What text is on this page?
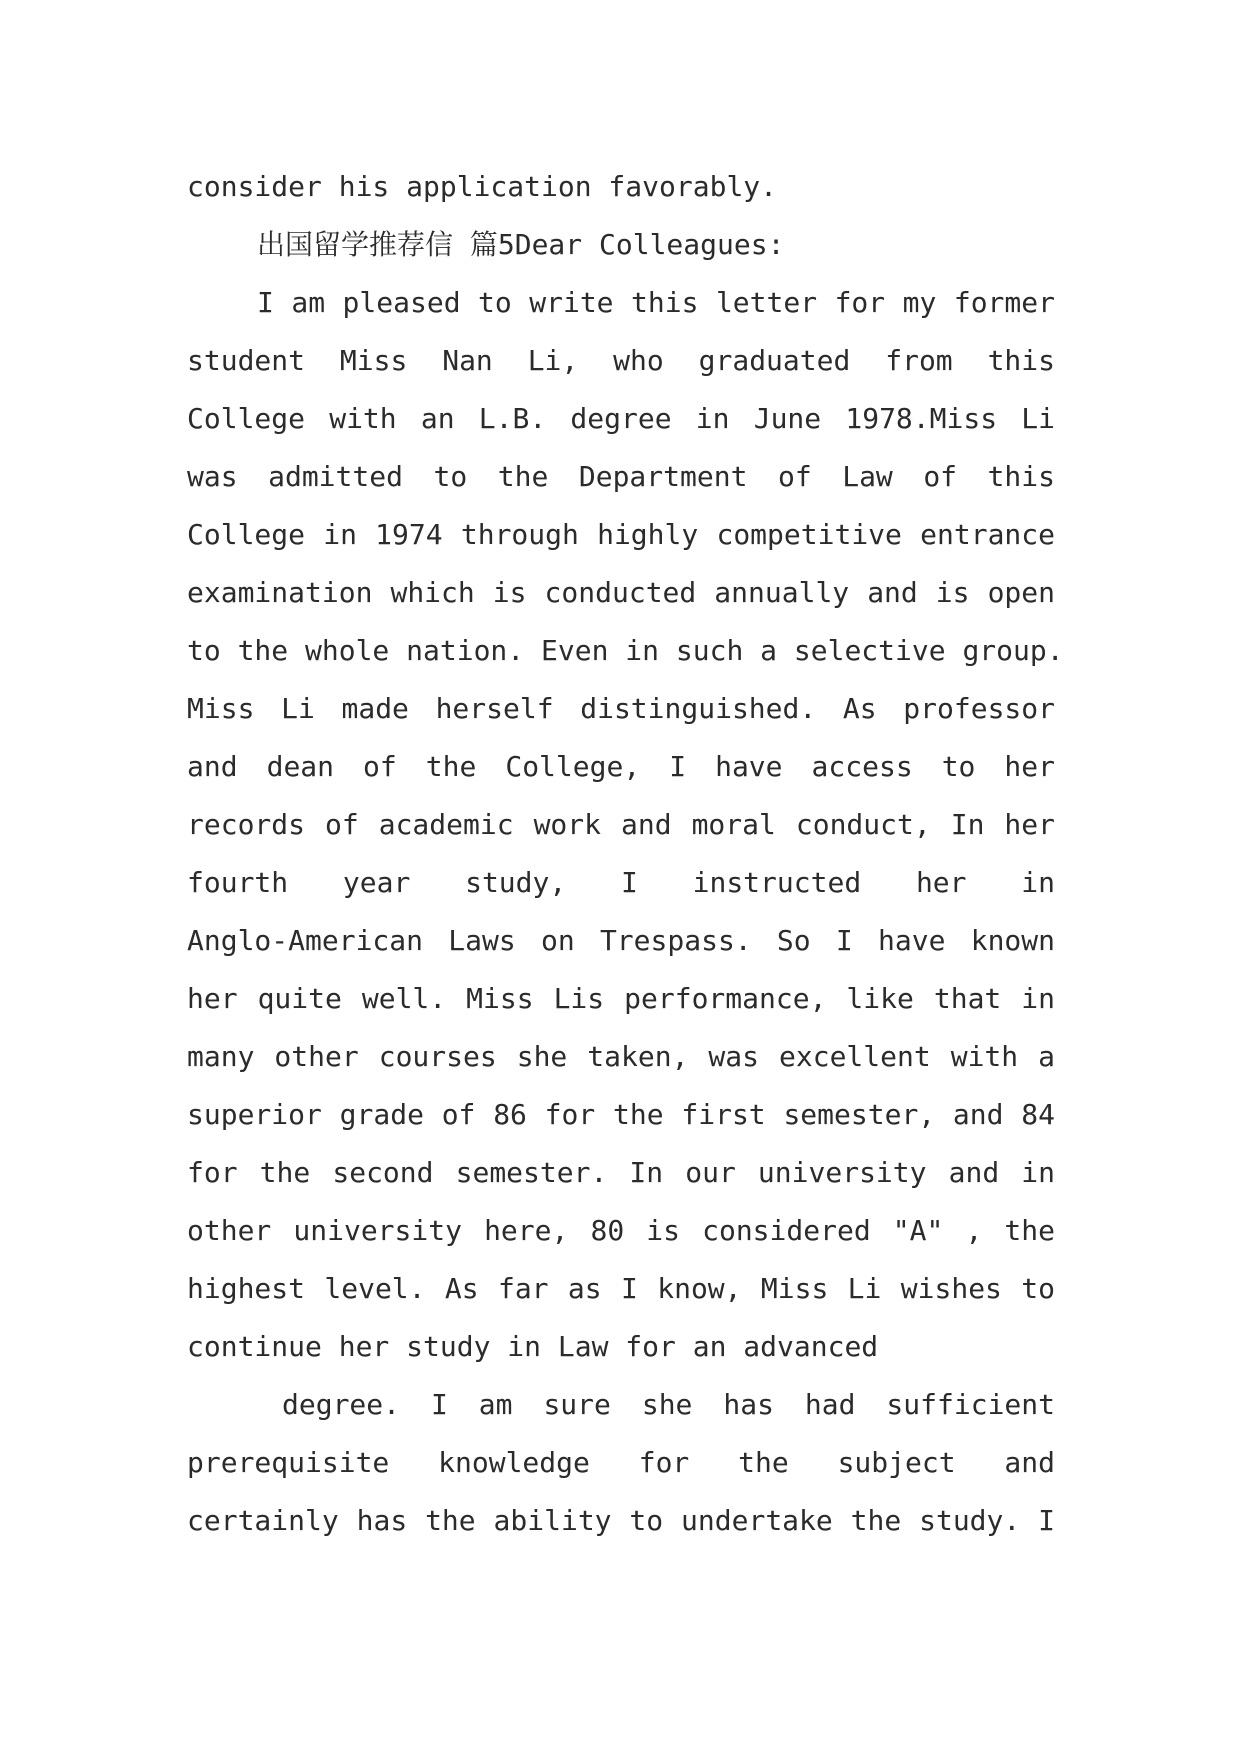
consider his application favorably.
出国留学推荐信 篇5Dear Colleagues:
I am pleased to write this letter for my former
student Miss Nan Li, who graduated from this
College with an L.B. degree in June 1978.Miss Li
was admitted to the Department of Law of this
College in 1974 through highly competitive entrance
examination which is conducted annually and is open
to the whole nation. Even in such a selective group.
Miss Li made herself distinguished. As professor
and dean of the College, I have access to her
records of academic work and moral conduct, In her
fourth year study, I instructed her in
Anglo-American Laws on Trespass. So I have known
her quite well. Miss Lis performance, like that in
many other courses she taken, was excellent with a
superior grade of 86 for the first semester, and 84
for the second semester. In our university and in
other university here, 80 is considered "A" , the
highest level. As far as I know, Miss Li wishes to
continue her study in Law for an advanced
degree. I am sure she has had sufficient
prerequisite knowledge for the subject and
certainly has the ability to undertake the study. I
